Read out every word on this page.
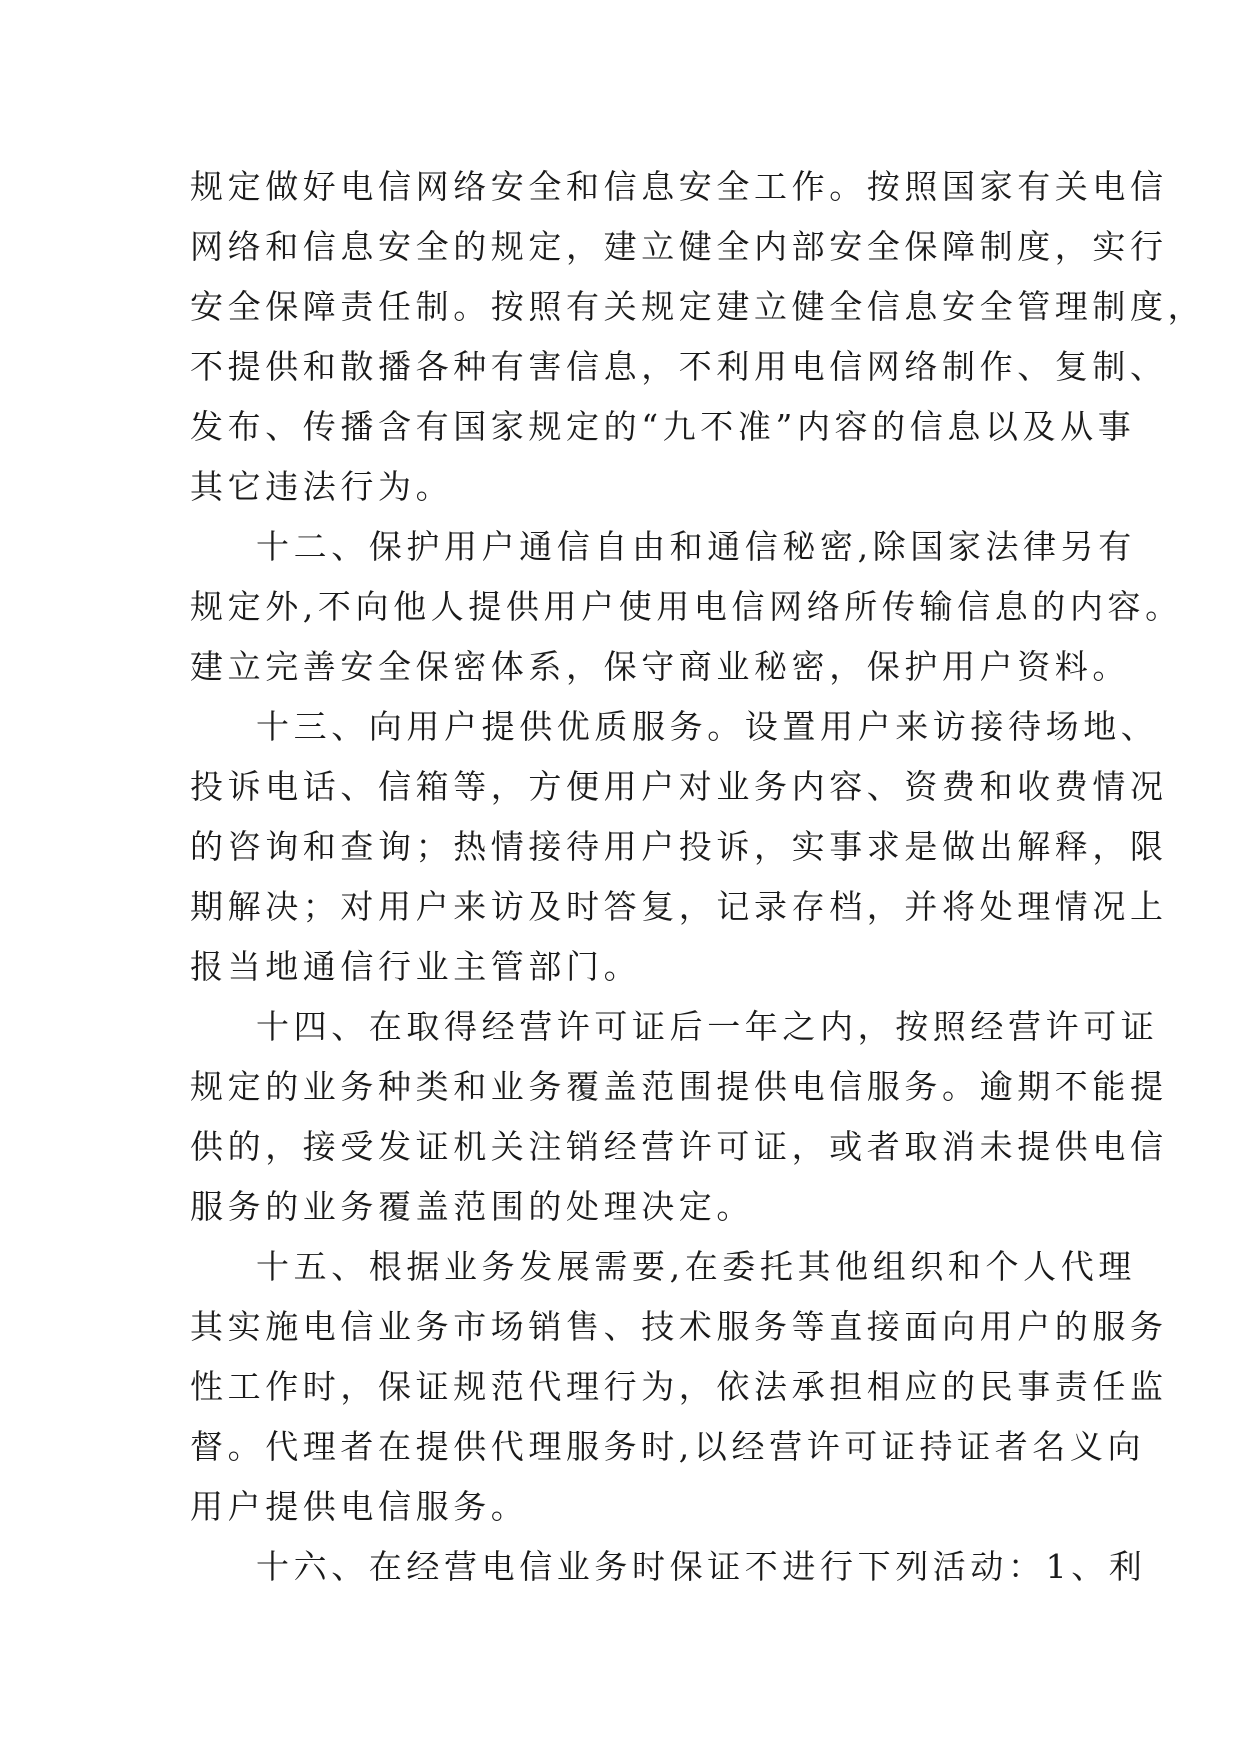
规定做好电信网络安全和信息安全工作。按照国家有关电信
网络和信息安全的规定，建立健全内部安全保障制度，实行
安全保障责任制。按照有关规定建立健全信息安全管理制度，
不提供和散播各种有害信息，不利用电信网络制作、复制、
发布、传播含有国家规定的“九不准”内容的信息以及从事
其它违法行为。
十二、保护用户通信自由和通信秘密,除国家法律另有
规定外,不向他人提供用户使用电信网络所传输信息的内容。
建立完善安全保密体系，保守商业秘密，保护用户资料。
十三、向用户提供优质服务。设置用户来访接待场地、
投诉电话、信箱等，方便用户对业务内容、资费和收费情况
的咨询和查询；热情接待用户投诉，实事求是做出解释，限
期解决；对用户来访及时答复，记录存档，并将处理情况上
报当地通信行业主管部门。
十四、在取得经营许可证后一年之内，按照经营许可证
规定的业务种类和业务覆盖范围提供电信服务。逾期不能提
供的，接受发证机关注销经营许可证，或者取消未提供电信
服务的业务覆盖范围的处理决定。
十五、根据业务发展需要,在委托其他组织和个人代理
其实施电信业务市场销售、技术服务等直接面向用户的服务
性工作时，保证规范代理行为，依法承担相应的民事责任监
督。代理者在提供代理服务时,以经营许可证持证者名义向
用户提供电信服务。
十六、在经营电信业务时保证不进行下列活动：1、利
